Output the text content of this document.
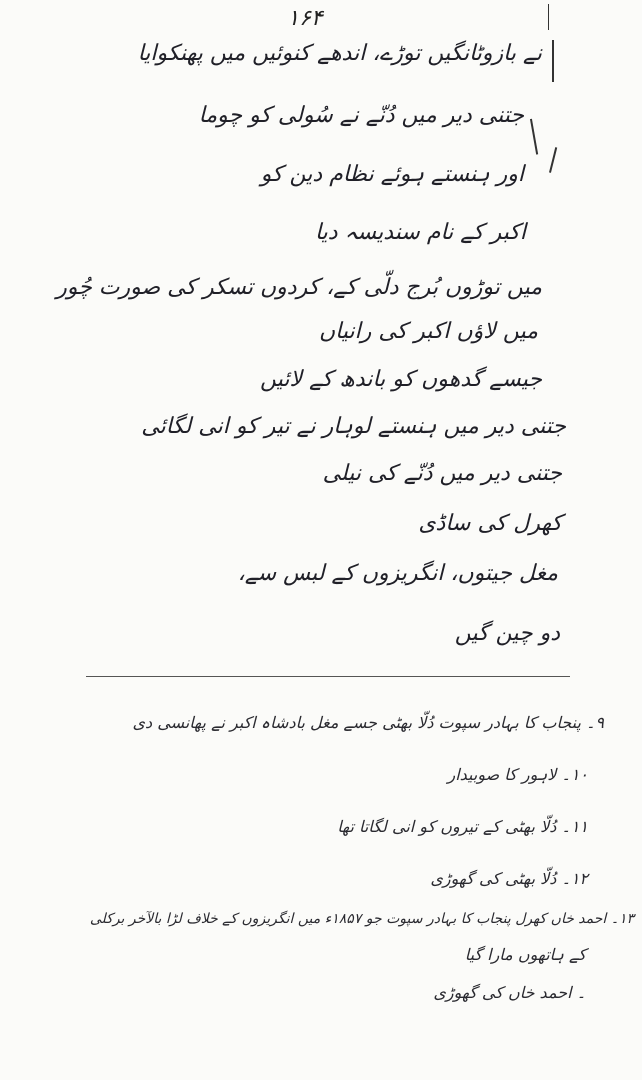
۱۶۴
نے بازوٹانگیں توڑے، اندھے کنوئیں میں پھنکوایا
جتنی دیر میں دُنّے نے سُولی کو چوما
اور ہنستے ہوئے نظام دین کو
اکبر کے نام سندیسہ دیا
میں توڑوں بُرج دلّی کے، کردوں تسکر کی صورت چُور
میں لاؤں اکبر کی رانیاں
جیسے گدھوں کو باندھ کے لائیں
جتنی دیر میں ہنستے لوہار نے تیر کو انی لگائی
جتنی دیر میں دُنّے کی نیلی
کھرل کی ساڈی
مغل جیتوں، انگریزوں کے لبس سے،
دو چین گیں
۹۔ پنجاب کا بہادر سپوت دُلّا بھٹی جسے مغل بادشاہ اکبر نے پھانسی دی
۱۰۔ لاہور کا صوبیدار
۱۱۔ دُلّا بھٹی کے تیروں کو انی لگاتا تھا
۱۲۔ دُلّا بھٹی کی گھوڑی
۱۳۔ احمد خاں کھرل پنجاب کا بہادر سپوت جو ۱۸۵۷ء میں انگریزوں کے خلاف لڑا بالآخر برکلی
کے ہاتھوں مارا گیا
۔ احمد خاں کی گھوڑی
